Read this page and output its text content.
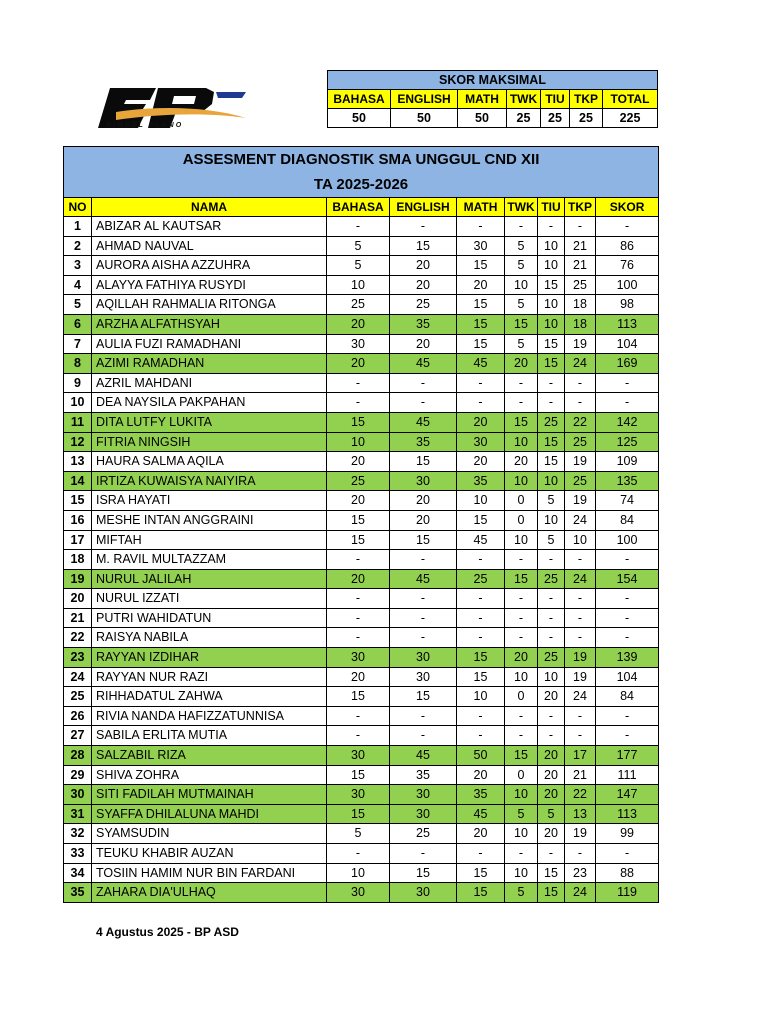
BIMBEL PLANO
SKOR MAKSIMAL						
BAHASA	ENGLISH	MATH	TWK	TIU	TKP	TOTAL
50	50	50	25	25	25	225
ASSESMENT DIAGNOSTIK SMA UNGGUL CND XII								
TA 2025-2026								
NO	NAMA	BAHASA	ENGLISH	MATH	TWK	TIU	TKP	SKOR
1	ABIZAR AL KAUTSAR	-	-	-	-	-	-	-
2	AHMAD NAUVAL	5	15	30	5	10	21	86
3	AURORA AISHA AZZUHRA	5	20	15	5	10	21	76
4	ALAYYA FATHIYA RUSYDI	10	20	20	10	15	25	100
5	AQILLAH RAHMALIA RITONGA	25	25	15	5	10	18	98
6	ARZHA ALFATHSYAH	20	35	15	15	10	18	113
7	AULIA FUZI RAMADHANI	30	20	15	5	15	19	104
8	AZIMI RAMADHAN	20	45	45	20	15	24	169
9	AZRIL MAHDANI	-	-	-	-	-	-	-
10	DEA NAYSILA PAKPAHAN	-	-	-	-	-	-	-
11	DITA LUTFY LUKITA	15	45	20	15	25	22	142
12	FITRIA NINGSIH	10	35	30	10	15	25	125
13	HAURA SALMA AQILA	20	15	20	20	15	19	109
14	IRTIZA KUWAISYA NAIYIRA	25	30	35	10	10	25	135
15	ISRA HAYATI	20	20	10	0	5	19	74
16	MESHE INTAN ANGGRAINI	15	20	15	0	10	24	84
17	MIFTAH	15	15	45	10	5	10	100
18	M. RAVIL MULTAZZAM	-	-	-	-	-	-	-
19	NURUL JALILAH	20	45	25	15	25	24	154
20	NURUL IZZATI	-	-	-	-	-	-	-
21	PUTRI WAHIDATUN	-	-	-	-	-	-	-
22	RAISYA NABILA	-	-	-	-	-	-	-
23	RAYYAN IZDIHAR	30	30	15	20	25	19	139
24	RAYYAN NUR RAZI	20	30	15	10	10	19	104
25	RIHHADATUL ZAHWA	15	15	10	0	20	24	84
26	RIVIA NANDA HAFIZZATUNNISA	-	-	-	-	-	-	-
27	SABILA ERLITA MUTIA	-	-	-	-	-	-	-
28	SALZABIL RIZA	30	45	50	15	20	17	177
29	SHIVA ZOHRA	15	35	20	0	20	21	111
30	SITI FADILAH MUTMAINAH	30	30	35	10	20	22	147
31	SYAFFA DHILALUNA MAHDI	15	30	45	5	5	13	113
32	SYAMSUDIN	5	25	20	10	20	19	99
33	TEUKU KHABIR AUZAN	-	-	-	-	-	-	-
34	TOSIIN HAMIM NUR BIN FARDANI	10	15	15	10	15	23	88
35	ZAHARA DIA'ULHAQ	30	30	15	5	15	24	119
4 Agustus 2025 - BP ASD
